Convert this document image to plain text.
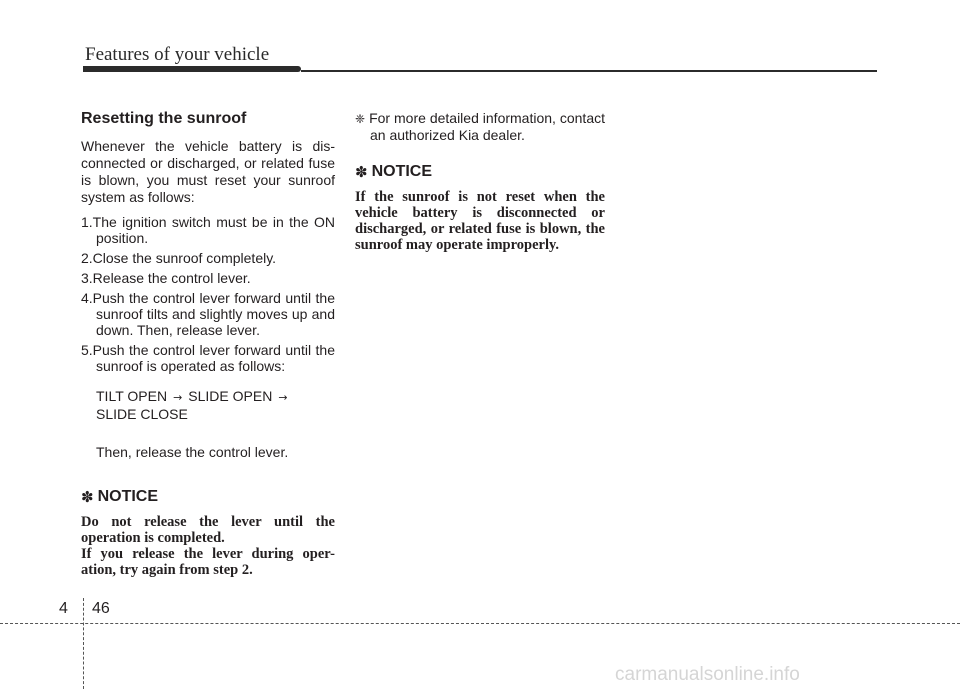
Features of your vehicle
Resetting the sunroof

Whenever the vehicle battery is dis- connected or discharged, or related fuse is blown, you must reset your sunroof system as follows:

1.The ignition switch must be in the ON position.
2.Close the sunroof completely.
3.Release the control lever.
4.Push the control lever forward until the sunroof tilts and slightly moves up and down. Then, release lever.
5.Push the control lever forward until the sunroof is operated as follows:
TILT OPEN → SLIDE OPEN →
SLIDE CLOSE
Then, release the control lever.
✽ NOTICE

Do not release the lever until the operation is completed.

If you release the lever during oper- ation, try again from step 2.

❈ For more detailed information, contact an authorized Kia dealer.

✽ NOTICE
If the sunroof is not reset when the vehicle battery is disconnected or discharged, or related fuse is blown, the sunroof may operate improperly.
4 46
carmanualsonline.info
